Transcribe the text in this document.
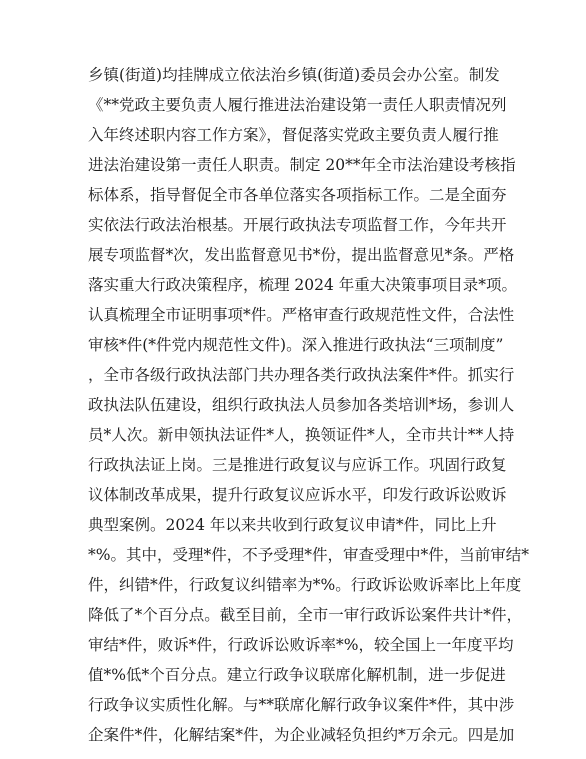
乡镇(街道)均挂牌成立依法治乡镇(街道)委员会办公室。制发
《**党政主要负责人履行推进法治建设第一责任人职责情况列
入年终述职内容工作方案》，督促落实党政主要负责人履行推
进法治建设第一责任人职责。制定 20**年全市法治建设考核指
标体系，指导督促全市各单位落实各项指标工作。二是全面夯
实依法行政法治根基。开展行政执法专项监督工作，今年共开
展专项监督*次，发出监督意见书*份，提出监督意见*条。严格
落实重大行政决策程序，梳理 2024 年重大决策事项目录*项。
认真梳理全市证明事项*件。严格审查行政规范性文件，合法性
审核*件(*件党内规范性文件)。深入推进行政执法“三项制度”
，全市各级行政执法部门共办理各类行政执法案件*件。抓实行
政执法队伍建设，组织行政执法人员参加各类培训*场，参训人
员*人次。新申领执法证件*人，换领证件*人，全市共计**人持
行政执法证上岗。三是推进行政复议与应诉工作。巩固行政复
议体制改革成果，提升行政复议应诉水平，印发行政诉讼败诉
典型案例。2024 年以来共收到行政复议申请*件，同比上升
*%。其中，受理*件，不予受理*件，审查受理中*件，当前审结*
件，纠错*件，行政复议纠错率为*%。行政诉讼败诉率比上年度
降低了*个百分点。截至目前，全市一审行政诉讼案件共计*件，
审结*件，败诉*件，行政诉讼败诉率*%，较全国上一年度平均
值*%低*个百分点。建立行政争议联席化解机制，进一步促进
行政争议实质性化解。与**联席化解行政争议案件*件，其中涉
企案件*件，化解结案*件，为企业减轻负担约*万余元。四是加
